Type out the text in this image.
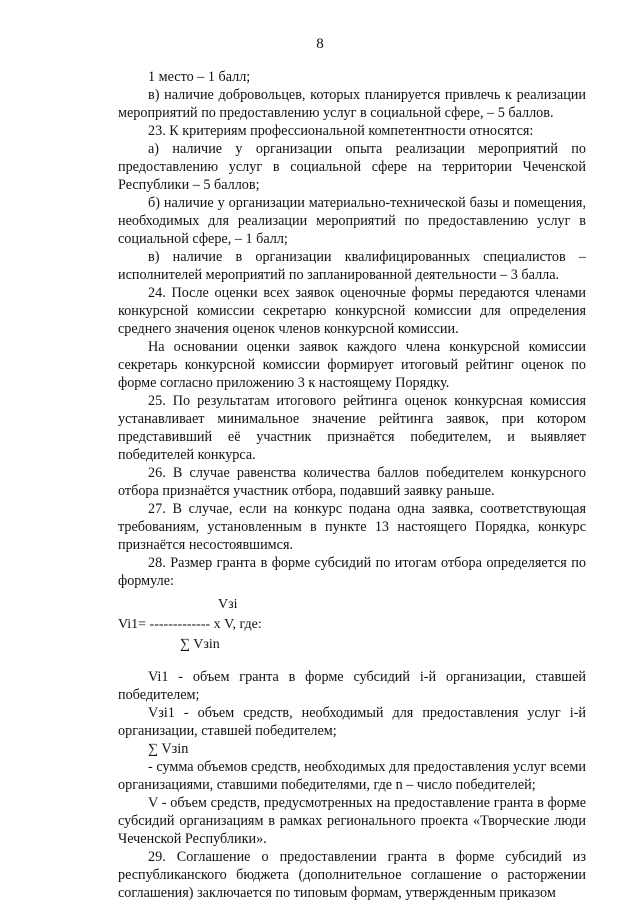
8

1 место – 1 балл;

в) наличие добровольцев, которых планируется привлечь к реализации мероприятий по предоставлению услуг в социальной сфере, – 5 баллов.

23. К критериям профессиональной компетентности относятся:

а) наличие у организации опыта реализации мероприятий по предоставлению услуг в социальной сфере на территории Чеченской Республики – 5 баллов;

б) наличие у организации материально-технической базы и помещения, необходимых для реализации мероприятий по предоставлению услуг в социальной сфере, – 1 балл;

в) наличие в организации квалифицированных специалистов – исполнителей мероприятий по запланированной деятельности – 3 балла.

24. После оценки всех заявок оценочные формы передаются членами конкурсной комиссии секретарю конкурсной комиссии для определения среднего значения оценок членов конкурсной комиссии.

На основании оценки заявок каждого члена конкурсной комиссии секретарь конкурсной комиссии формирует итоговый рейтинг оценок по форме согласно приложению 3 к настоящему Порядку.

25. По результатам итогового рейтинга оценок конкурсная комиссия устанавливает минимальное значение рейтинга заявок, при котором представивший её участник признаётся победителем, и выявляет победителей конкурса.

26. В случае равенства количества баллов победителем конкурсного отбора признаётся участник отбора, подавший заявку раньше.

27. В случае, если на конкурс подана одна заявка, соответствующая требованиям, установленным в пункте 13 настоящего Порядка, конкурс признаётся несостоявшимся.

28. Размер гранта в форме субсидий по итогам отбора определяется по формуле:

Vзi
Vi1= ------------- х V, где:
∑ Vзin

Vi1 - объем гранта в форме субсидий i-й организации, ставшей победителем;

Vзi1 - объем средств, необходимый для предоставления услуг i-й организации, ставшей победителем;

∑ Vзin

- сумма объемов средств, необходимых для предоставления услуг всеми организациями, ставшими победителями, где n – число победителей;

V - объем средств, предусмотренных на предоставление гранта в форме субсидий организациям в рамках регионального проекта «Творческие люди Чеченской Республики».

29. Соглашение о предоставлении гранта в форме субсидий из республиканского бюджета (дополнительное соглашение о расторжении соглашения) заключается по типовым формам, утвержденным приказом
